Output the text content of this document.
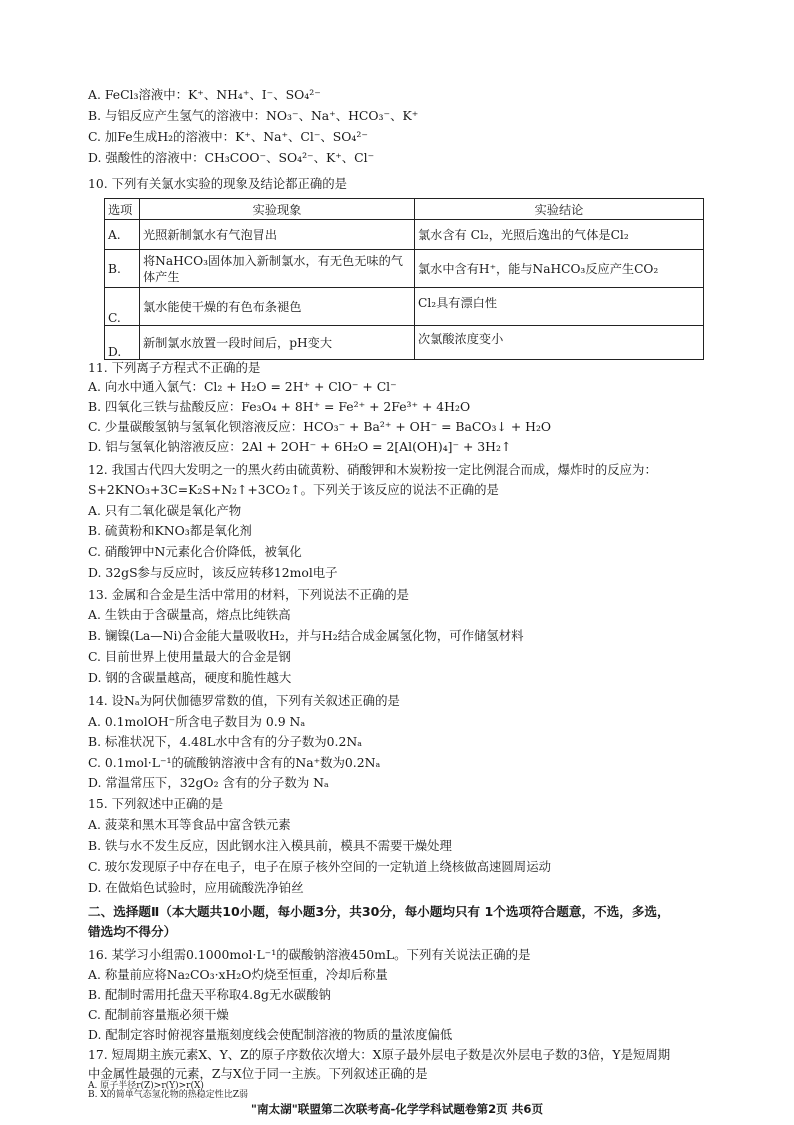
A. FeCl₃溶液中：K⁺、NH₄⁺、I⁻、SO₄²⁻
B. 与铝反应产生氢气的溶液中：NO₃⁻、Na⁺、HCO₃⁻、K⁺
C. 加Fe生成H₂的溶液中：K⁺、Na⁺、Cl⁻、SO₄²⁻
D. 强酸性的溶液中：CH₃COO⁻、SO₄²⁻、K⁺、Cl⁻
10. 下列有关氯水实验的现象及结论都正确的是
选项	实验现象	实验结论
A.	光照新制氯水有气泡冒出	氯水含有 Cl₂，光照后逸出的气体是Cl₂
B.	将NaHCO₃固体加入新制氯水，有无色无味的气体产生	氯水中含有H⁺，能与NaHCO₃反应产生CO₂
C.	氯水能使干燥的有色布条褪色	Cl₂具有漂白性
D.	新制氯水放置一段时间后，pH变大	次氯酸浓度变小
11. 下列离子方程式不正确的是
A. 向水中通入氯气：Cl₂ + H₂O = 2H⁺ + ClO⁻ + Cl⁻
B. 四氧化三铁与盐酸反应：Fe₃O₄ + 8H⁺ = Fe²⁺ + 2Fe³⁺ + 4H₂O
C. 少量碳酸氢钠与氢氧化钡溶液反应：HCO₃⁻ + Ba²⁺ + OH⁻ = BaCO₃↓ + H₂O
D. 铝与氢氧化钠溶液反应：2Al + 2OH⁻ + 6H₂O = 2[Al(OH)₄]⁻ + 3H₂↑
12. 我国古代四大发明之一的黑火药由硫黄粉、硝酸钾和木炭粉按一定比例混合而成，爆炸时的反应为：
S+2KNO₃+3C=K₂S+N₂↑+3CO₂↑。下列关于该反应的说法不正确的是
A. 只有二氧化碳是氧化产物
B. 硫黄粉和KNO₃都是氧化剂
C. 硝酸钾中N元素化合价降低，被氧化
D. 32gS参与反应时，该反应转移12mol电子
13. 金属和合金是生活中常用的材料，下列说法不正确的是
A. 生铁由于含碳量高，熔点比纯铁高
B. 镧镍(La—Ni)合金能大量吸收H₂，并与H₂结合成金属氢化物，可作储氢材料
C. 目前世界上使用量最大的合金是钢
D. 钢的含碳量越高，硬度和脆性越大
14. 设Nₐ为阿伏伽德罗常数的值，下列有关叙述正确的是
A. 0.1molOH⁻所含电子数目为 0.9 Nₐ
B. 标准状况下，4.48L水中含有的分子数为0.2Nₐ
C. 0.1mol·L⁻¹的硫酸钠溶液中含有的Na⁺数为0.2Nₐ
D. 常温常压下，32gO₂ 含有的分子数为 Nₐ
15. 下列叙述中正确的是
A. 菠菜和黑木耳等食品中富含铁元素
B. 铁与水不发生反应，因此钢水注入模具前，模具不需要干燥处理
C. 玻尔发现原子中存在电子，电子在原子核外空间的一定轨道上绕核做高速圆周运动
D. 在做焰色试验时，应用硫酸洗净铂丝
二、选择题Ⅱ（本大题共10小题，每小题3分，共30分，每小题均只有 1个选项符合题意，不选，多选，
错选均不得分）
16. 某学习小组需0.1000mol·L⁻¹的碳酸钠溶液450mL。下列有关说法正确的是
A. 称量前应将Na₂CO₃·xH₂O灼烧至恒重，冷却后称量
B. 配制时需用托盘天平称取4.8g无水碳酸钠
C. 配制前容量瓶必须干燥
D. 配制定容时俯视容量瓶刻度线会使配制溶液的物质的量浓度偏低
17. 短周期主族元素X、Y、Z的原子序数依次增大：X原子最外层电子数是次外层电子数的3倍，Y是短周期
中金属性最强的元素，Z与X位于同一主族。下列叙述正确的是
"南太湖"联盟第二次联考高-化学学科试题卷第2页 共6页
A. 原子半径r(Z)>r(Y)>r(X)
B. X的简单气态氢化物的热稳定性比Z弱
